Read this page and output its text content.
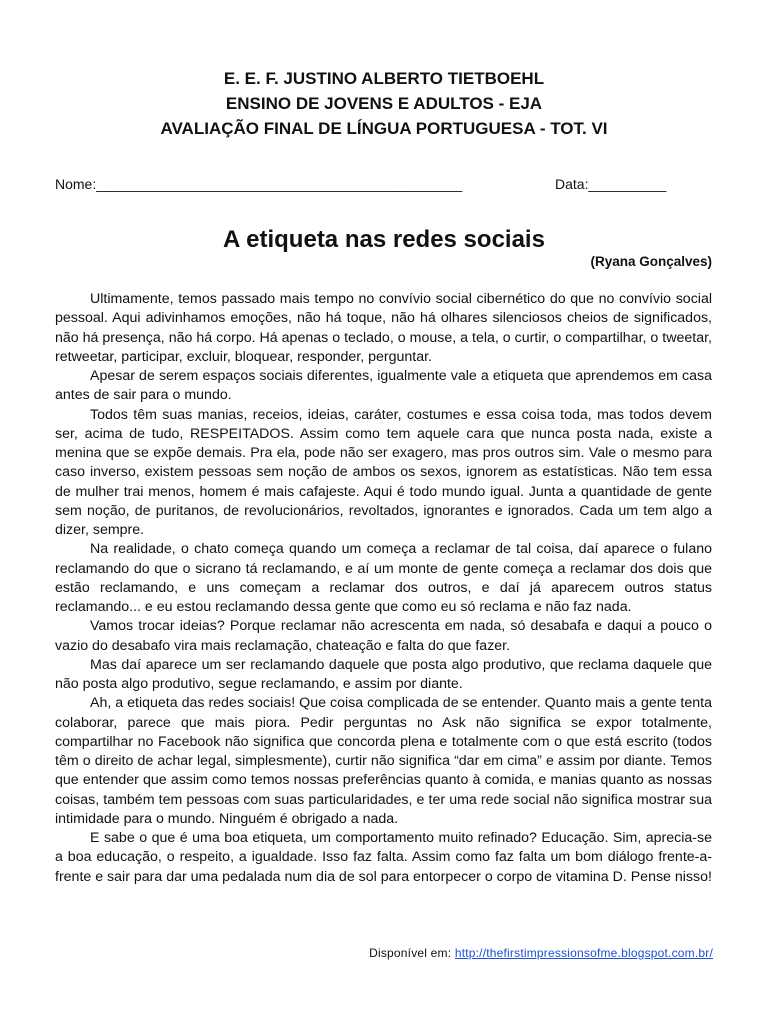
E. E. F. JUSTINO ALBERTO TIETBOEHL
ENSINO DE JOVENS E ADULTOS - EJA
AVALIAÇÃO FINAL DE LÍNGUA PORTUGUESA - TOT. VI
Nome:_______________________________________________	Data:__________
A etiqueta nas redes sociais
(Ryana Gonçalves)

Ultimamente, temos passado mais tempo no convívio social cibernético do que no convívio social pessoal. Aqui adivinhamos emoções, não há toque, não há olhares silenciosos cheios de significados, não há presença, não há corpo. Há apenas o teclado, o mouse, a tela, o curtir, o compartilhar, o tweetar, retweetar, participar, excluir, bloquear, responder, perguntar.

Apesar de serem espaços sociais diferentes, igualmente vale a etiqueta que aprendemos em casa antes de sair para o mundo.

Todos têm suas manias, receios, ideias, caráter, costumes e essa coisa toda, mas todos devem ser, acima de tudo, RESPEITADOS. Assim como tem aquele cara que nunca posta nada, existe a menina que se expõe demais. Pra ela, pode não ser exagero, mas pros outros sim. Vale o mesmo para caso inverso, existem pessoas sem noção de ambos os sexos, ignorem as estatísticas. Não tem essa de mulher trai menos, homem é mais cafajeste. Aqui é todo mundo igual. Junta a quantidade de gente sem noção, de puritanos, de revolucionários, revoltados, ignorantes e ignorados. Cada um tem algo a dizer, sempre.

Na realidade, o chato começa quando um começa a reclamar de tal coisa, daí aparece o fulano reclamando do que o sicrano tá reclamando, e aí um monte de gente começa a reclamar dos dois que estão reclamando, e uns começam a reclamar dos outros, e daí já aparecem outros status reclamando... e eu estou reclamando dessa gente que como eu só reclama e não faz nada.

Vamos trocar ideias? Porque reclamar não acrescenta em nada, só desabafa e daqui a pouco o vazio do desabafo vira mais reclamação, chateação e falta do que fazer.

Mas daí aparece um ser reclamando daquele que posta algo produtivo, que reclama daquele que não posta algo produtivo, segue reclamando, e assim por diante.

Ah, a etiqueta das redes sociais! Que coisa complicada de se entender. Quanto mais a gente tenta colaborar, parece que mais piora. Pedir perguntas no Ask não significa se expor totalmente, compartilhar no Facebook não significa que concorda plena e totalmente com o que está escrito (todos têm o direito de achar legal, simplesmente), curtir não significa “dar em cima” e assim por diante. Temos que entender que assim como temos nossas preferências quanto à comida, e manias quanto as nossas coisas, também tem pessoas com suas particularidades, e ter uma rede social não significa mostrar sua intimidade para o mundo. Ninguém é obrigado a nada.

E sabe o que é uma boa etiqueta, um comportamento muito refinado? Educação. Sim, aprecia-se a boa educação, o respeito, a igualdade. Isso faz falta. Assim como faz falta um bom diálogo frente-a-frente e sair para dar uma pedalada num dia de sol para entorpecer o corpo de vitamina D. Pense nisso!

Disponível em: http://thefirstimpressionsofme.blogspot.com.br/
